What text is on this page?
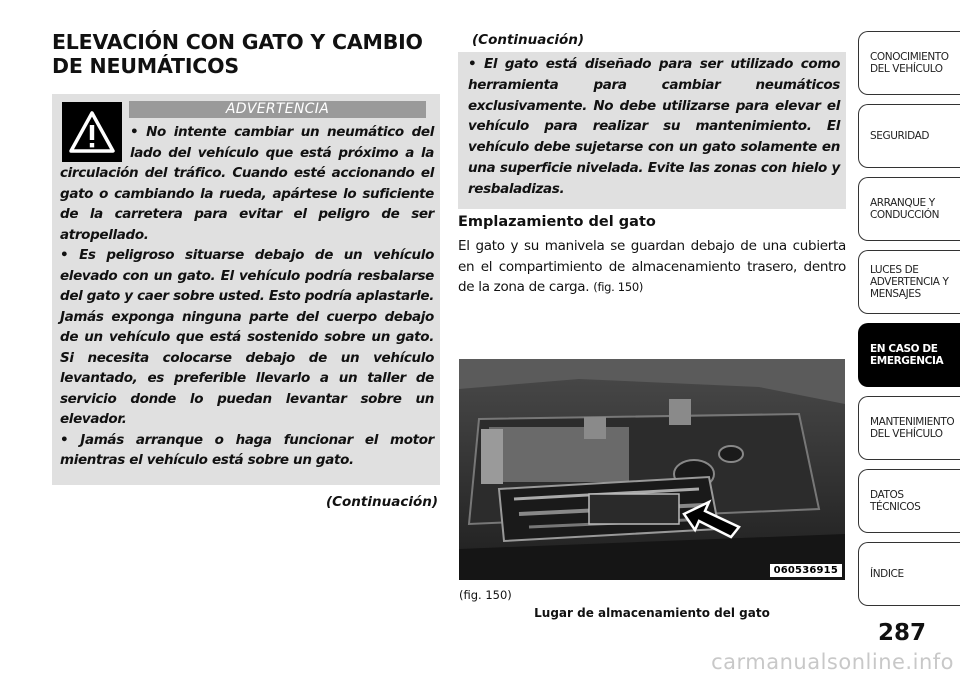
ELEVACIÓN CON GATO Y CAMBIO DE NEUMÁTICOS
ADVERTENCIA

• No intente cambiar un neumático del lado del vehículo que está próximo a la circulación del tráfico. Cuando esté accionando el gato o cambiando la rueda, apártese lo suficiente de la carretera para evitar el peligro de ser atropellado.

• Es peligroso situarse debajo de un vehículo elevado con un gato. El vehículo podría resbalarse del gato y caer sobre usted. Esto podría aplastarle. Jamás exponga ninguna parte del cuerpo debajo de un vehículo que está sostenido sobre un gato. Si necesita colocarse debajo de un vehículo levantado, es preferible llevarlo a un taller de servicio donde lo puedan levantar sobre un elevador.

• Jamás arranque o haga funcionar el motor mientras el vehículo está sobre un gato.

(Continuación)
(Continuación)
• El gato está diseñado para ser utilizado como herramienta para cambiar neumáticos exclusivamente. No debe utilizarse para elevar el vehículo para realizar su mantenimiento. El vehículo debe sujetarse con un gato solamente en una superficie nivelada. Evite las zonas con hielo y resbaladizas.
Emplazamiento del gato
El gato y su manivela se guardan debajo de una cubierta en el compartimiento de almacenamiento trasero, dentro de la zona de carga. (fig. 150)
060536915
(fig. 150)
Lugar de almacenamiento del gato
CONOCIMIENTO
DEL VEHÍCULO
SEGURIDAD
ARRANQUE Y
CONDUCCIÓN
LUCES DE
ADVERTENCIA Y
MENSAJES
EN CASO DE
EMERGENCIA
MANTENIMIENTO
DEL VEHÍCULO
DATOS
TÉCNICOS
ÍNDICE
287
carmanualsonline.info
